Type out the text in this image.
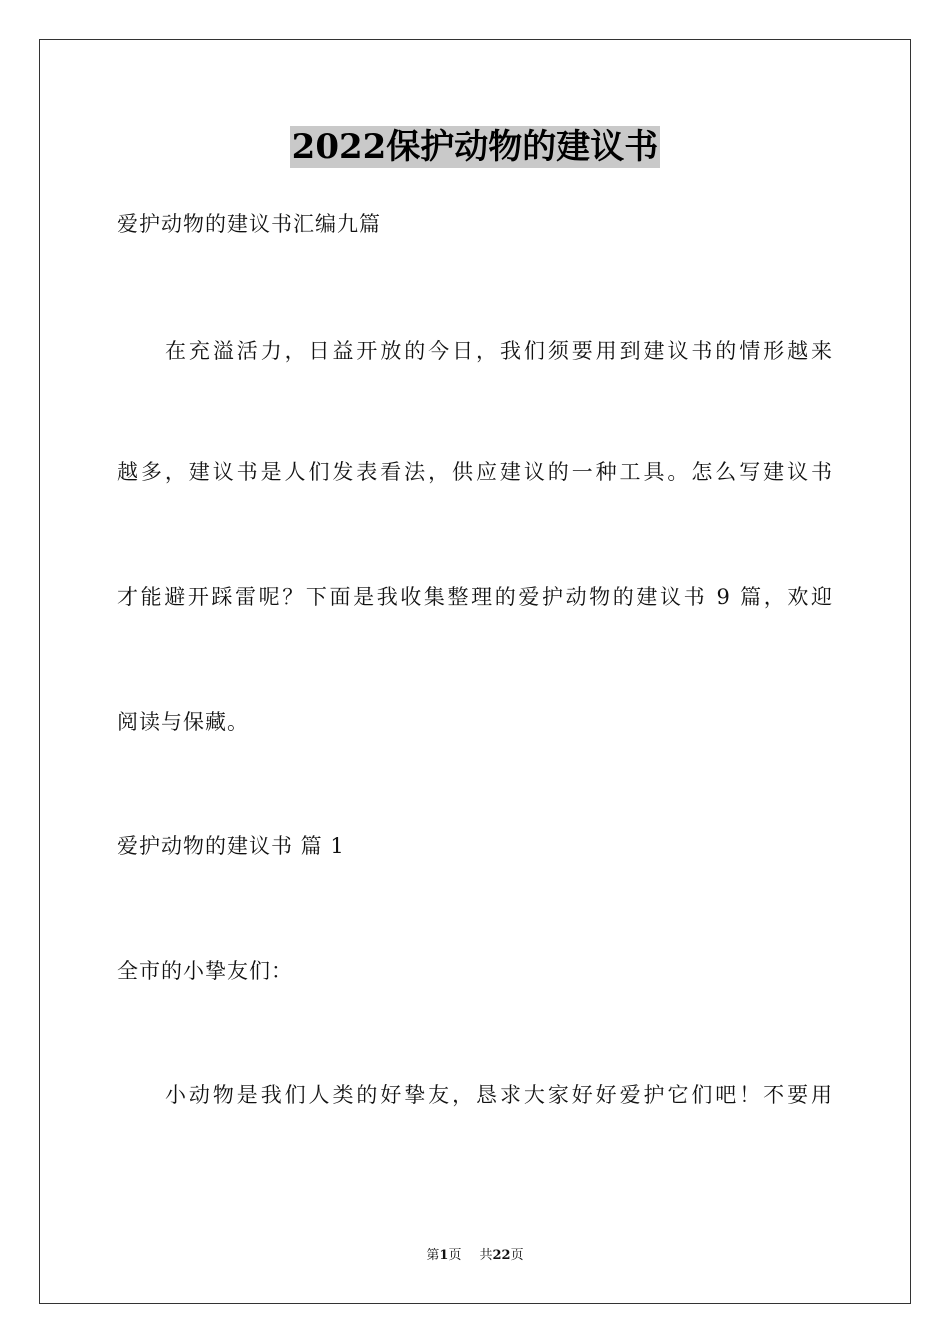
2022保护动物的建议书
爱护动物的建议书汇编九篇
在充溢活力，日益开放的今日，我们须要用到建议书的情形越来
越多，建议书是人们发表看法，供应建议的一种工具。怎么写建议书
才能避开踩雷呢？下面是我收集整理的爱护动物的建议书 9 篇，欢迎
阅读与保藏。
爱护动物的建议书 篇 1
全市的小挚友们：
小动物是我们人类的好挚友，恳求大家好好爱护它们吧！不要用
第1页 共22页
